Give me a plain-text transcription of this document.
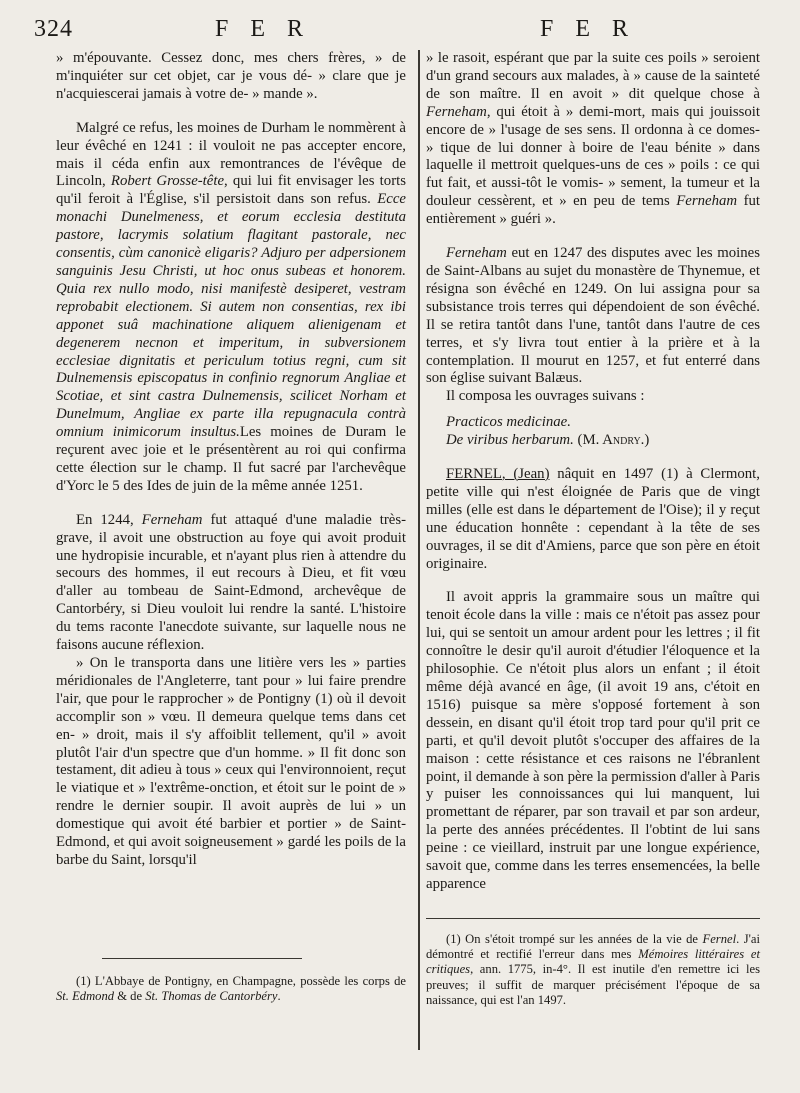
324	F E R	F E R

» m'épouvante. Cessez donc, mes chers frères, » de m'inquiéter sur cet objet, car je vous dé- » clare que je n'acquiescerai jamais à votre de- » mande ».

Malgré ce refus, les moines de Durham le nommèrent à leur évêché en 1241 : il vouloit ne pas accepter encore, mais il céda enfin aux remontrances de l'évêque de Lincoln, Robert Grosse-tête, qui lui fit envisager les torts qu'il feroit à l'Église, s'il persistoit dans son refus. Ecce monachi Dunelmeness, et eorum ecclesia destituta pastore, lacrymis solatium flagitant pastorale, nec consentis, cùm canonicè eligaris? Adjuro per adpersionem sanguinis Jesu Christi, ut hoc onus subeas et honorem. Quia rex nullo modo, nisi manifestè desiperet, vestram reprobabit electionem. Si autem non consentias, rex ibi apponet suâ machinatione aliquem alienigenam et degenerem necnon et imperitum, in subversionem ecclesiae dignitatis et periculum totius regni, cum sit Dulnemensis episcopatus in confinio regnorum Angliae et Scotiae, et sint castra Dulnemensis, scilicet Norham et Dunelmum, Angliae ex parte illa repugnacula contrà omnium inimicorum insultus.Les moines de Duram le reçurent avec joie et le présentèrent au roi qui confirma cette élection sur le champ. Il fut sacré par l'archevêque d'Yorc le 5 des Ides de juin de la même année 1251.

En 1244, Ferneham fut attaqué d'une maladie très-grave, il avoit une obstruction au foye qui avoit produit une hydropisie incurable, et n'ayant plus rien à attendre du secours des hommes, il eut recours à Dieu, et fit vœu d'aller au tombeau de Saint-Edmond, archevêque de Cantorbéry, si Dieu vouloit lui rendre la santé. L'histoire du tems raconte l'anecdote suivante, sur laquelle nous ne faisons aucune réflexion.

» On le transporta dans une litière vers les » parties méridionales de l'Angleterre, tant pour » lui faire prendre l'air, que pour le rapprocher » de Pontigny (1) où il devoit accomplir son » vœu. Il demeura quelque tems dans cet en- » droit, mais il s'y affoiblit tellement, qu'il » avoit plutôt l'air d'un spectre que d'un homme. » Il fit donc son testament, dit adieu à tous » ceux qui l'environnoient, reçut le viatique et » l'extrême-onction, et étoit sur le point de » rendre le dernier soupir. Il avoit auprès de lui » un domestique qui avoit été barbier et portier » de Saint-Edmond, et qui avoit soigneusement » gardé les poils de la barbe du Saint, lorsqu'il

» le rasoit, espérant que par la suite ces poils » seroient d'un grand secours aux malades, à » cause de la sainteté de son maître. Il en avoit » dit quelque chose à Ferneham, qui étoit à » demi-mort, mais qui jouissoit encore de » l'usage de ses sens. Il ordonna à ce domes- » tique de lui donner à boire de l'eau bénite » dans laquelle il mettroit quelques-uns de ces » poils : ce qui fut fait, et aussi-tôt le vomis- » sement, la tumeur et la douleur cessèrent, et » en peu de tems Ferneham fut entièrement » guéri ».

Ferneham eut en 1247 des disputes avec les moines de Saint-Albans au sujet du monastère de Thynemue, et résigna son évêché en 1249. On lui assigna pour sa subsistance trois terres qui dépendoient de son évêché. Il se retira tantôt dans l'une, tantôt dans l'autre de ces terres, et s'y livra tout entier à la prière et à la contemplation. Il mourut en 1257, et fut enterré dans son église suivant Balæus.

Il composa les ouvrages suivans :

Practicos medicinae.

De viribus herbarum. (M. Andry.)

FERNEL, (Jean) nâquit en 1497 (1) à Clermont, petite ville qui n'est éloignée de Paris que de vingt milles (elle est dans le département de l'Oise); il y reçut une éducation honnête : cependant à la tête de ses ouvrages, il se dit d'Amiens, parce que son père en étoit originaire.

Il avoit appris la grammaire sous un maître qui tenoit école dans la ville : mais ce n'étoit pas assez pour lui, qui se sentoit un amour ardent pour les lettres ; il fit connoître le desir qu'il auroit d'étudier l'éloquence et la philosophie. Ce n'étoit plus alors un enfant ; il étoit même déjà avancé en âge, (il avoit 19 ans, c'étoit en 1516) puisque sa mère s'opposé fortement à son dessein, en disant qu'il étoit trop tard pour qu'il prit ce parti, et qu'il devoit plutôt s'occuper des affaires de la maison : cette résistance et ces raisons ne l'ébranlent point, il demande à son père la permission d'aller à Paris y puiser les connoissances qui lui manquent, lui promettant de réparer, par son travail et par son ardeur, la perte des années précédentes. Il l'obtint de lui sans peine : ce vieillard, instruit par une longue expérience, savoit que, comme dans les terres ensemencées, la belle apparence

(1) L'Abbaye de Pontigny, en Champagne, possède les corps de St. Edmond & de St. Thomas de Cantorbéry.

(1) On s'étoit trompé sur les années de la vie de Fernel. J'ai démontré et rectifié l'erreur dans mes Mémoires littéraires et critiques, ann. 1775, in-4°. Il est inutile d'en remettre ici les preuves; il suffit de marquer précisément l'époque de sa naissance, qui est l'an 1497.
